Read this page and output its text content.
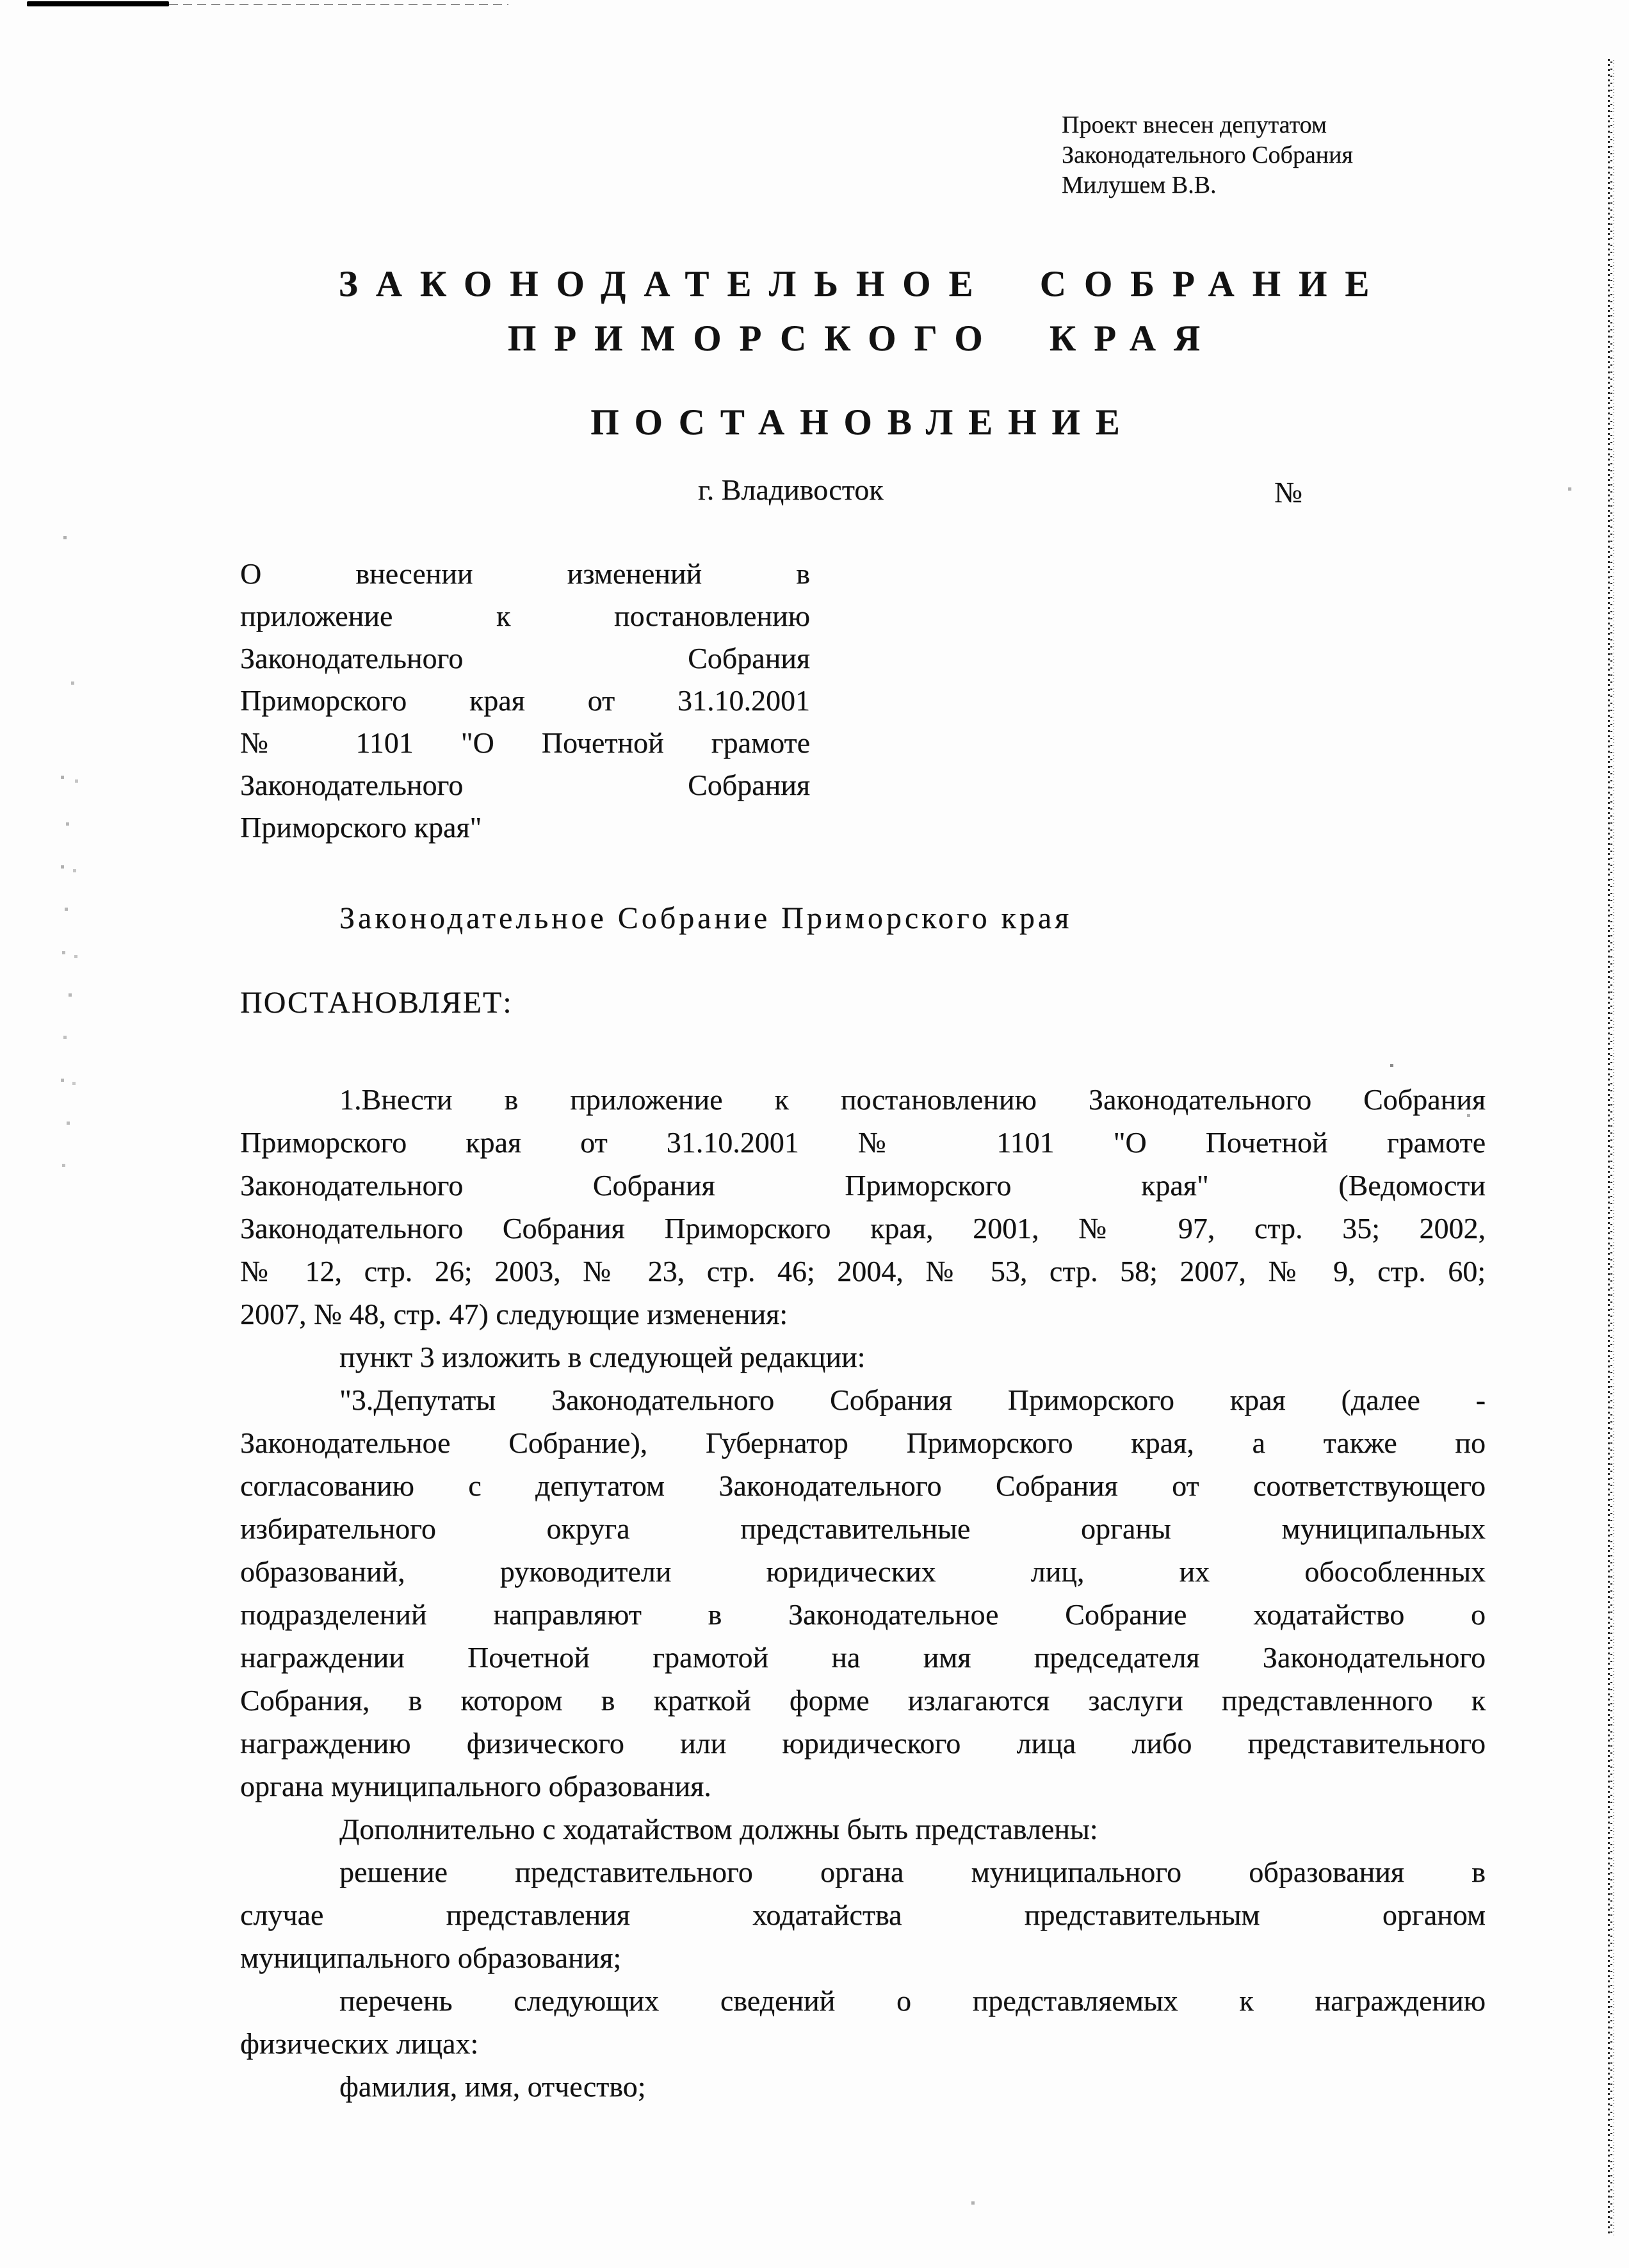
Проект внесен депутатом
Законодательного Собрания
Милушем В.В.
ЗАКОНОДАТЕЛЬНОЕ СОБРАНИЕ
ПРИМОРСКОГО КРАЯ
ПОСТАНОВЛЕНИЕ
г. Владивосток	№
О внесении изменений в
приложение к постановлению
Законодательного Собрания
Приморского края от 31.10.2001
№ 1101 "О Почетной грамоте
Законодательного Собрания
Приморского края"
Законодательное Собрание Приморского края
ПОСТАНОВЛЯЕТ:
1.Внести в приложение к постановлению Законодательного Собрания
Приморского края от 31.10.2001 № 1101 "О Почетной грамоте
Законодательного Собрания Приморского края" (Ведомости
Законодательного Собрания Приморского края, 2001, № 97, стр. 35; 2002,
№ 12, стр. 26; 2003, № 23, стр. 46; 2004, № 53, стр. 58; 2007, № 9, стр. 60;
2007, № 48, стр. 47) следующие изменения:
пункт 3 изложить в следующей редакции:
"3.Депутаты Законодательного Собрания Приморского края (далее -
Законодательное Собрание), Губернатор Приморского края, а также по
согласованию с депутатом Законодательного Собрания от соответствующего
избирательного округа представительные органы муниципальных
образований, руководители юридических лиц, их обособленных
подразделений направляют в Законодательное Собрание ходатайство о
награждении Почетной грамотой на имя председателя Законодательного
Собрания, в котором в краткой форме излагаются заслуги представленного к
награждению физического или юридического лица либо представительного
органа муниципального образования.
Дополнительно с ходатайством должны быть представлены:
решение представительного органа муниципального образования в
случае представления ходатайства представительным органом
муниципального образования;
перечень следующих сведений о представляемых к награждению
физических лицах:
фамилия, имя, отчество;
